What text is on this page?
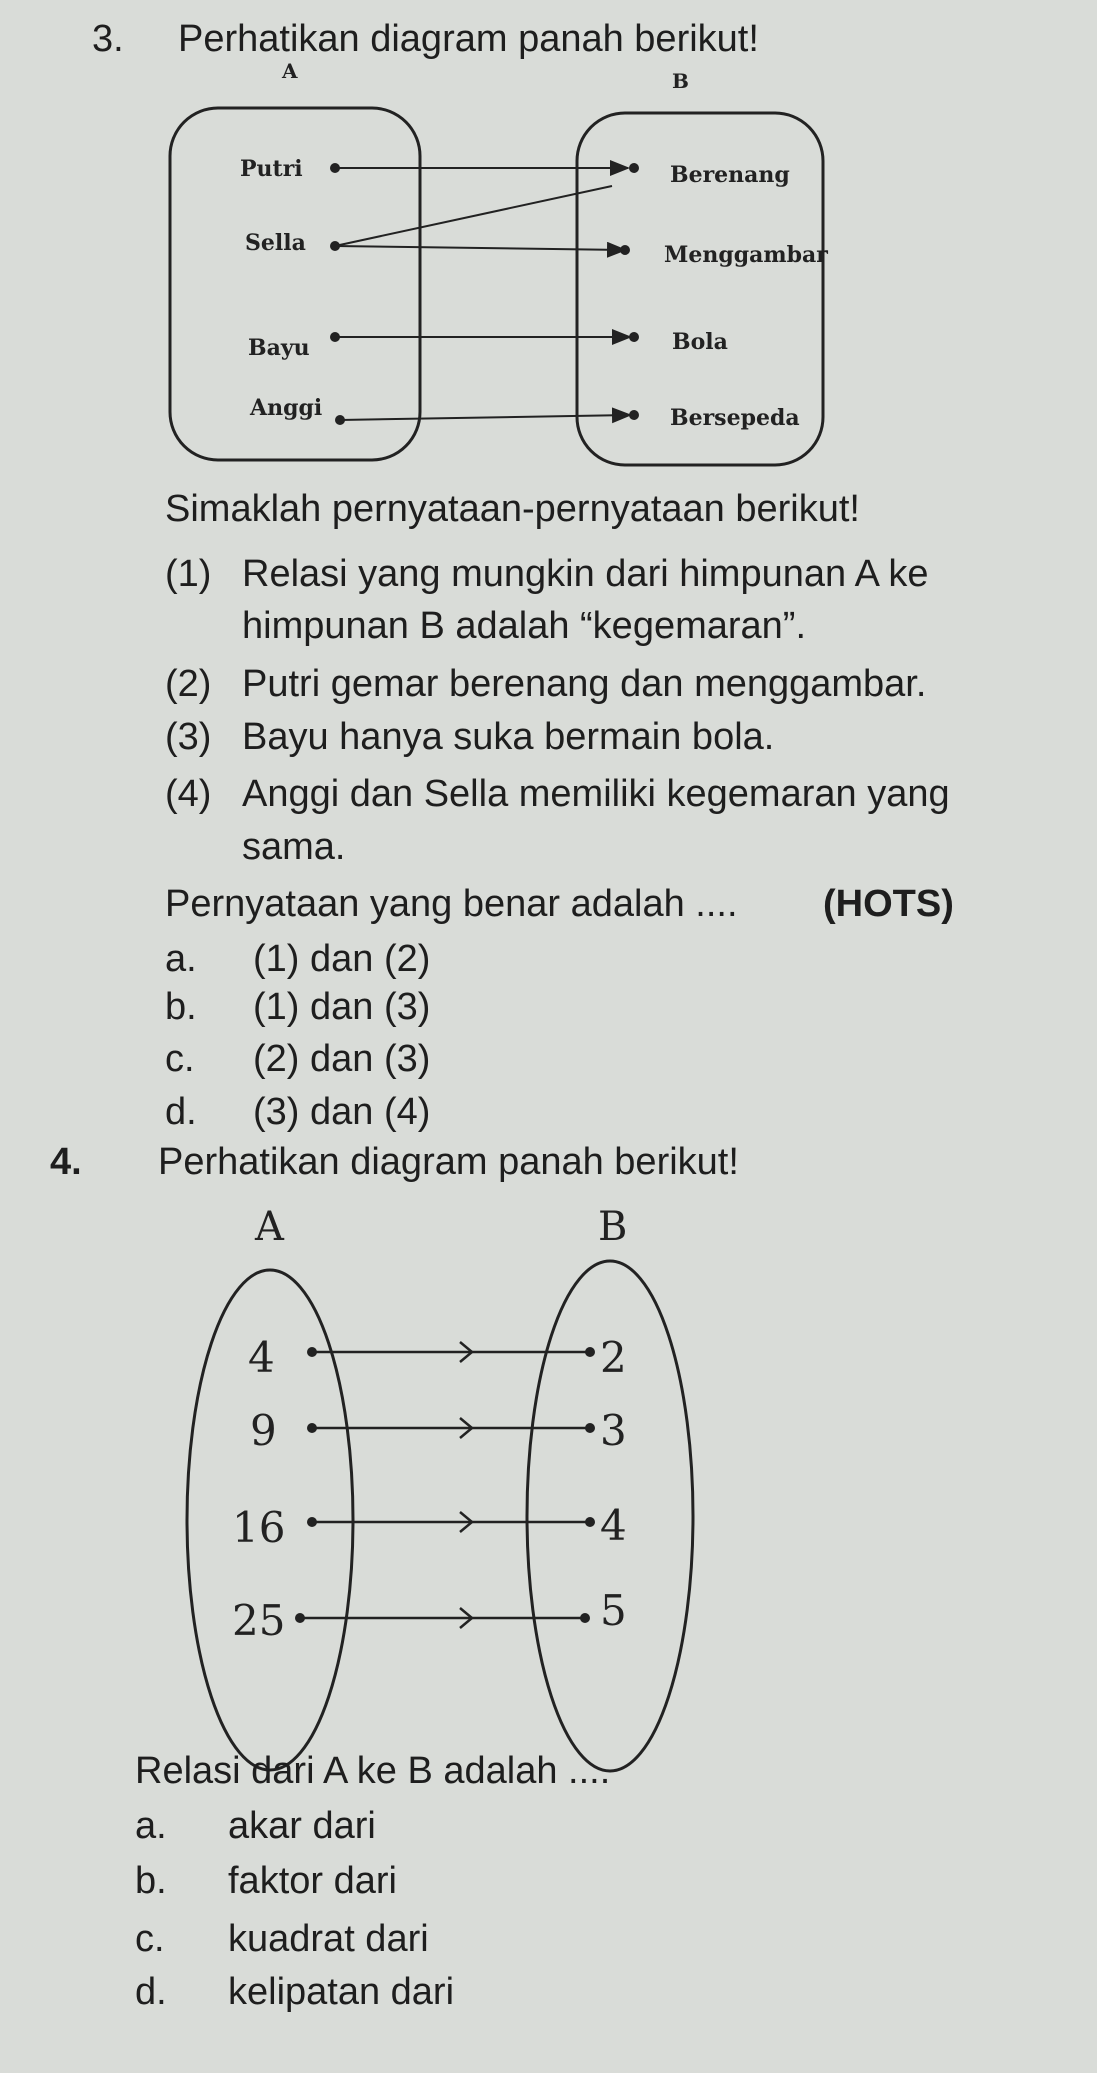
3. Perhatikan diagram panah berikut!
A	B
Putri
Sella
Bayu
Anggi
Berenang
Menggambar
Bola
Bersepeda
Simaklah pernyataan-pernyataan berikut!
(1) Relasi yang mungkin dari himpunan A ke
himpunan B adalah “kegemaran”.
(2) Putri gemar berenang dan menggambar.
(3) Bayu hanya suka bermain bola.
(4) Anggi dan Sella memiliki kegemaran yang
sama.
Pernyataan yang benar adalah .... (HOTS)
a. (1) dan (2)
b. (1) dan (3)
c. (2) dan (3)
d. (3) dan (4)
4. Perhatikan diagram panah berikut!
A	B
4
9
16
25
2
3
4
5
Relasi dari A ke B adalah ....
a. akar dari
b. faktor dari
c. kuadrat dari
d. kelipatan dari
